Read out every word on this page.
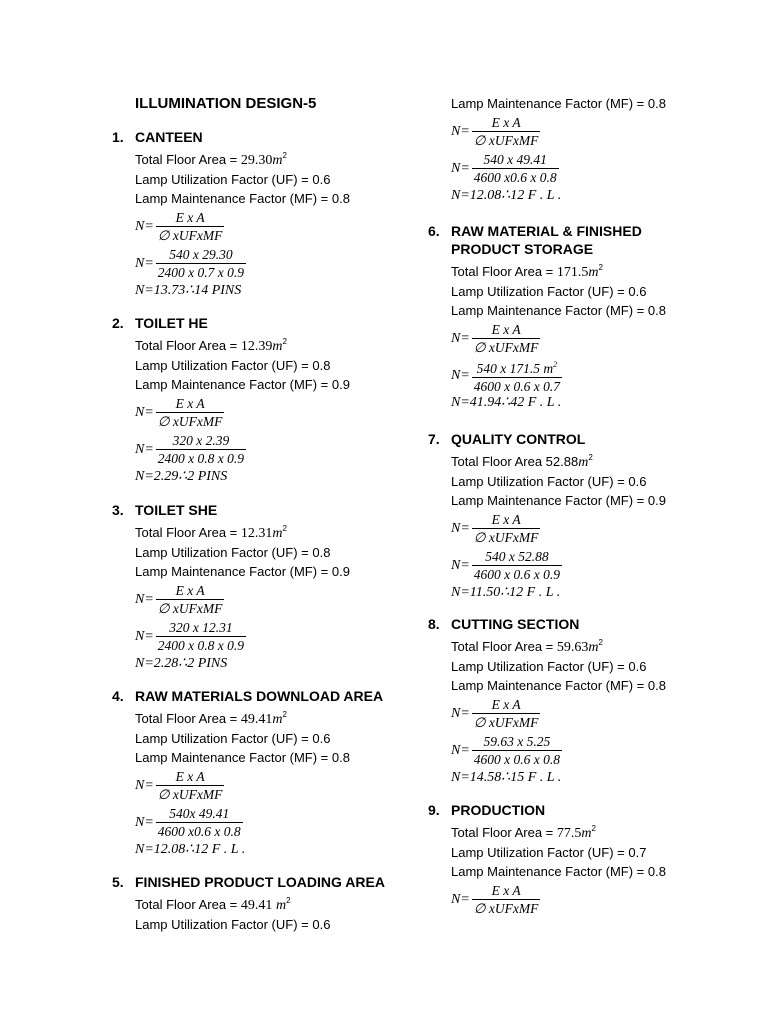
ILLUMINATION DESIGN-5
1. CANTEEN
Total Floor Area = $29.30m^2$
Lamp Utilization Factor (UF) = 0.6
Lamp Maintenance Factor (MF) = 0.8
$N= \frac{\text{E x A}}{\text{∅ xUFxMF}}$
$N= \frac{540 x 29.30}{2400 x 0.7 x 0.9}$
N=13.73∴14 PINS
2. TOILET HE
Total Floor Area = $12.39m^2$
Lamp Utilization Factor (UF) = 0.8
Lamp Maintenance Factor (MF) = 0.9
$N= \frac{\text{E x A}}{\text{∅ xUFxMF}}$
$N= \frac{320 x 2.39}{2400 x 0.8 x 0.9}$
N=2.29∴2 PINS
3. TOILET SHE
Total Floor Area = $12.31m^2$
Lamp Utilization Factor (UF) = 0.8
Lamp Maintenance Factor (MF) = 0.9
$N= \frac{\text{E x A}}{\text{∅ xUFxMF}}$
$N= \frac{320 x 12.31}{2400 x 0.8 x 0.9}$
N=2.28∴2 PINS
4. RAW MATERIALS DOWNLOAD AREA
Total Floor Area = $49.41m^2$
Lamp Utilization Factor (UF) = 0.6
Lamp Maintenance Factor (MF) = 0.8
$N= \frac{\text{E x A}}{\text{∅ xUFxMF}}$
$N= \frac{540x 49.41}{4600 x0.6 x 0.8}$
N=12.08∴12 F . L .
5. FINISHED PRODUCT LOADING AREA
Total Floor Area = 49.41 $m^2$
Lamp Utilization Factor (UF) = 0.6
Lamp Maintenance Factor (MF) = 0.8
$N= \frac{\text{E x A}}{\text{∅ xUFxMF}}$
$N= \frac{540 x 49.41}{4600 x0.6 x 0.8}$
N=12.08∴12 F . L .
6. RAW MATERIAL & FINISHED
PRODUCT STORAGE
Total Floor Area = $171.5m^2$
Lamp Utilization Factor (UF) = 0.6
Lamp Maintenance Factor (MF) = 0.8
$N= \frac{\text{E x A}}{\text{∅ xUFxMF}}$
$N= \frac{540 x 171.5 m^2}{4600 x 0.6 x 0.7}$
N=41.94∴42 F . L .
7. QUALITY CONTROL
Total Floor Area $52.88m^2$
Lamp Utilization Factor (UF) = 0.6
Lamp Maintenance Factor (MF) = 0.9
$N= \frac{\text{E x A}}{\text{∅ xUFxMF}}$
$N= \frac{540 x 52.88}{4600 x 0.6 x 0.9}$
N=11.50∴12 F . L .
8. CUTTING SECTION
Total Floor Area = $59.63m^2$
Lamp Utilization Factor (UF) = 0.6
Lamp Maintenance Factor (MF) = 0.8
$N= \frac{\text{E x A}}{\text{∅ xUFxMF}}$
$N= \frac{59.63 x 5.25}{4600 x 0.6 x 0.8}$
N=14.58∴15 F . L .
9. PRODUCTION
Total Floor Area = $77.5m^2$
Lamp Utilization Factor (UF) = 0.7
Lamp Maintenance Factor (MF) = 0.8
$N= \frac{\text{E x A}}{\text{∅ xUFxMF}}$
